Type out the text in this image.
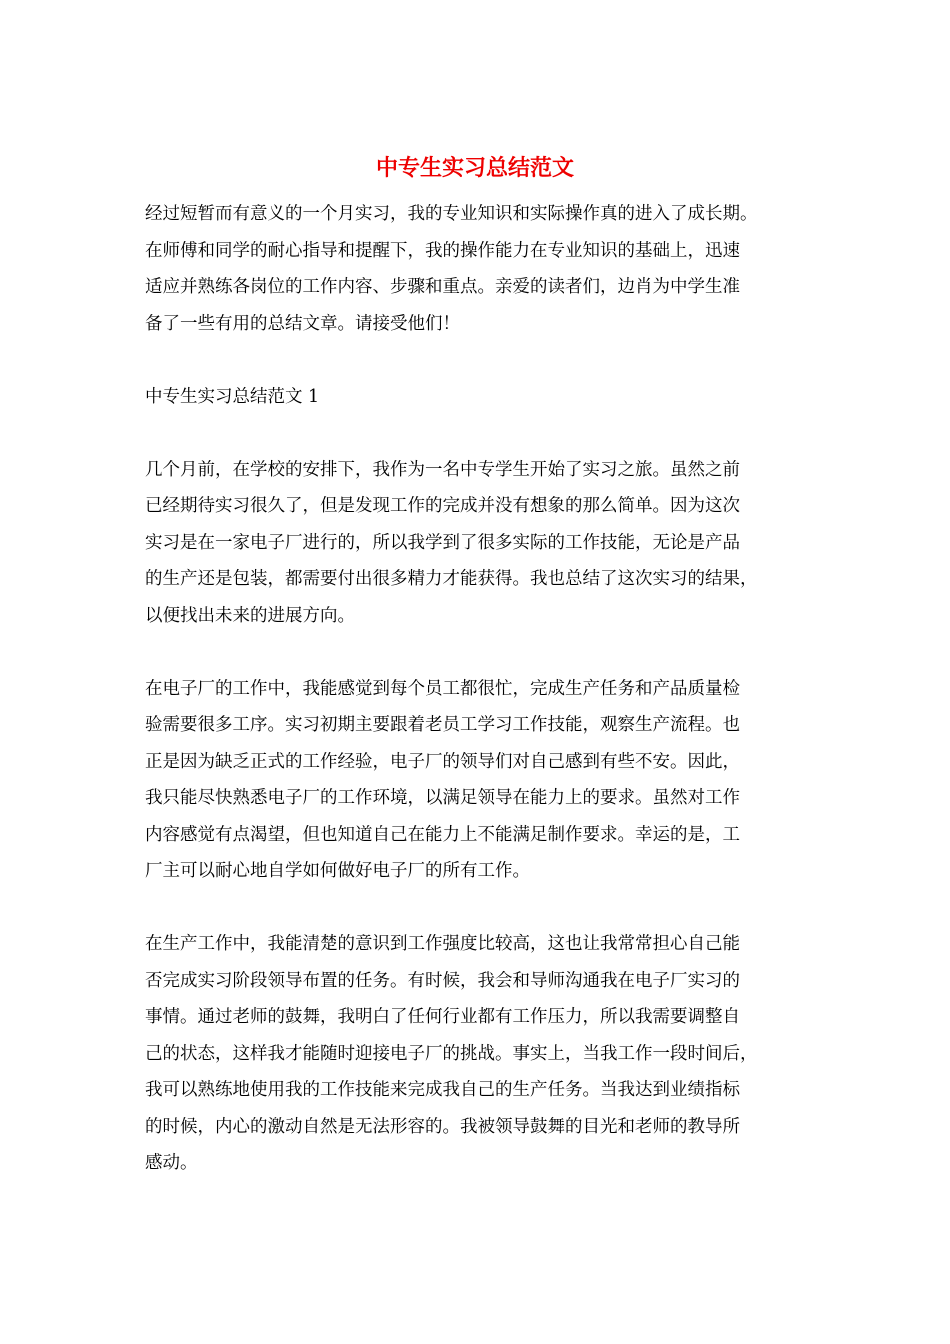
中专生实习总结范文
经过短暂而有意义的一个月实习，我的专业知识和实际操作真的进入了成长期。
在师傅和同学的耐心指导和提醒下，我的操作能力在专业知识的基础上，迅速
适应并熟练各岗位的工作内容、步骤和重点。亲爱的读者们，边肖为中学生准
备了一些有用的总结文章。请接受他们！
中专生实习总结范文 1
几个月前，在学校的安排下，我作为一名中专学生开始了实习之旅。虽然之前
已经期待实习很久了，但是发现工作的完成并没有想象的那么简单。因为这次
实习是在一家电子厂进行的，所以我学到了很多实际的工作技能，无论是产品
的生产还是包装，都需要付出很多精力才能获得。我也总结了这次实习的结果，
以便找出未来的进展方向。
在电子厂的工作中，我能感觉到每个员工都很忙，完成生产任务和产品质量检
验需要很多工序。实习初期主要跟着老员工学习工作技能，观察生产流程。也
正是因为缺乏正式的工作经验，电子厂的领导们对自己感到有些不安。因此，
我只能尽快熟悉电子厂的工作环境，以满足领导在能力上的要求。虽然对工作
内容感觉有点渴望，但也知道自己在能力上不能满足制作要求。幸运的是，工
厂主可以耐心地自学如何做好电子厂的所有工作。
在生产工作中，我能清楚的意识到工作强度比较高，这也让我常常担心自己能
否完成实习阶段领导布置的任务。有时候，我会和导师沟通我在电子厂实习的
事情。通过老师的鼓舞，我明白了任何行业都有工作压力，所以我需要调整自
己的状态，这样我才能随时迎接电子厂的挑战。事实上，当我工作一段时间后，
我可以熟练地使用我的工作技能来完成我自己的生产任务。当我达到业绩指标
的时候，内心的激动自然是无法形容的。我被领导鼓舞的目光和老师的教导所
感动。
